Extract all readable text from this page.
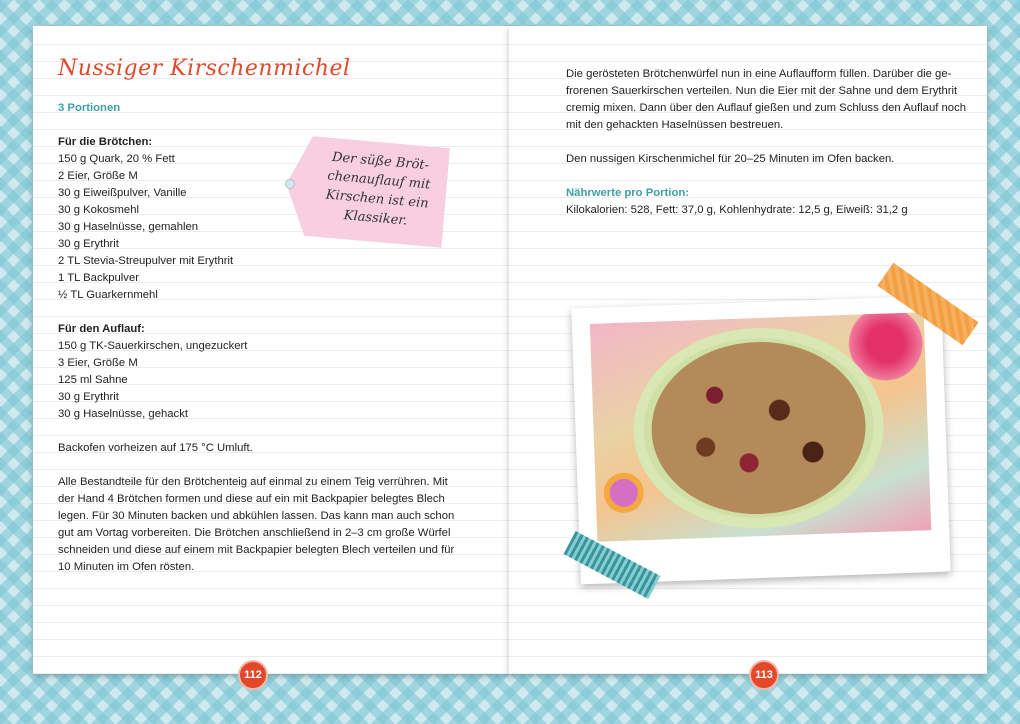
Nussiger Kirschenmichel
3 Portionen
Für die Brötchen:
150 g Quark, 20 % Fett
2 Eier, Größe M
30 g Eiweißpulver, Vanille
30 g Kokosmehl
30 g Haselnüsse, gemahlen
30 g Erythrit
2 TL Stevia-Streupulver mit Erythrit
1 TL Backpulver
½ TL Guarkernmehl
Für den Auflauf:
150 g TK-Sauerkirschen, ungezuckert
3 Eier, Größe M
125 ml Sahne
30 g Erythrit
30 g Haselnüsse, gehackt
Backofen vorheizen auf 175 °C Umluft.
Alle Bestandteile für den Brötchenteig auf einmal zu einem Teig verrühren. Mit
der Hand 4 Brötchen formen und diese auf ein mit Backpapier belegtes Blech
legen. Für 30 Minuten backen und abkühlen lassen. Das kann man auch schon
gut am Vortag vorbereiten. Die Brötchen anschließend in 2–3 cm große Würfel
schneiden und diese auf einem mit Backpapier belegten Blech verteilen und für
10 Minuten im Ofen rösten.
Der süße Bröt-
chenauflauf mit
Kirschen ist ein
Klassiker.
Die gerösteten Brötchenwürfel nun in eine Auflaufform füllen. Darüber die ge-
frorenen Sauerkirschen verteilen. Nun die Eier mit der Sahne und dem Erythrit
cremig mixen. Dann über den Auflauf gießen und zum Schluss den Auflauf noch
mit den gehackten Haselnüssen bestreuen.
Den nussigen Kirschenmichel für 20–25 Minuten im Ofen backen.
Nährwerte pro Portion:
Kilokalorien: 528, Fett: 37,0 g, Kohlenhydrate: 12,5 g, Eiweiß: 31,2 g
112	113
